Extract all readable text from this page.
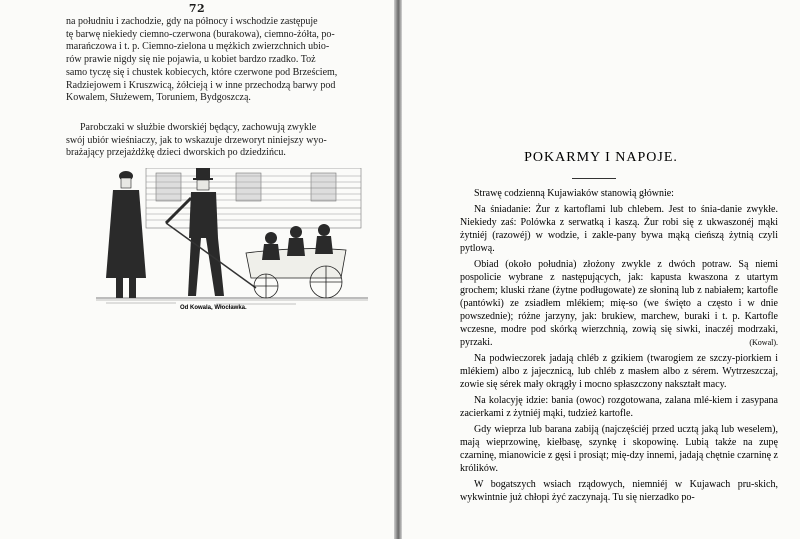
72

na południu i zachodzie, gdy na północy i wschodzie zastępuje

tę barwę niekiedy ciemno-czerwona (burakowa), ciemno-żółta, po-

marańczowa i t. p. Ciemno-zielona u mężkich zwierzchnich ubio-

rów prawie nigdy się nie pojawia, u kobiet bardzo rzadko. Toż

samo tyczę się i chustek kobiecych, które czerwone pod Brześciem,

Radziejowem i Kruszwicą, żółcieją i w inne przechodzą barwy pod

Kowalem, Służewem, Toruniem, Bydgoszczą.

Parobczaki w służbie dworskiéj będący, zachowują zwykle

swój ubiór wieśniaczy, jak to wskazuje drzeworyt niniejszy wyo-

brażający przejażdżkę dzieci dworskich po dziedzińcu.

Od Kowala, Włocławka.
POKARMY I NAPOJE.

Strawę codzienną Kujawiaków stanowią głównie:

Na śniadanie: Żur z kartoflami lub chlebem. Jest to śnia-danie zwykłe. Niekiedy zaś: Polówka z serwatką i kaszą. Żur robi się z ukwaszonéj mąki żytniéj (razowéj) w wodzie, i zakle-pany bywa mąką cieńszą żytnią czyli pytlową.

Obiad (około południa) złożony zwykle z dwóch potraw. Są niemi pospolicie wybrane z następujących, jak: kapusta kwaszona z utartym grochem; kluski rżane (żytne podługowate) ze słoniną lub z nabiałem; kartofle (pantówki) ze zsiadłem mlékiem; mię-so (we święto a często i w dnie powszednie); różne jarzyny, jak: brukiew, marchew, buraki i t. p. Kartofle wczesne, modre pod skórką wierzchnią, zowią się siwki, inaczéj modrzaki, pyrzaki.	(Kowal).

Na podwieczorek jadają chléb z gzikiem (twarogiem ze szczy-piorkiem i mlékiem) albo z jajecznicą, lub chléb z masłem albo z sérem. Wytrzeszczaj, zowie się sérek mały okrągły i mocno spłaszczony nakształt macy.

Na kolacyję idzie: bania (owoc) rozgotowana, zalana mlé-kiem i zasypana zacierkami z żytniéj mąki, tudzież kartofle.

Gdy wieprza lub barana zabiją (najczęściéj przed ucztą jaką lub weselem), mają wieprzowinę, kiełbasę, szynkę i skopowinę. Lubią także na zupę czarninę, mianowicie z gęsi i prosiąt; mię-dzy innemi, jadają chętnie czarninę z królików.

W bogatszych wsiach rządowych, niemniéj w Kujawach pru-skich, wykwintnie już chłopi żyć zaczynają. Tu się nierzadko po-
